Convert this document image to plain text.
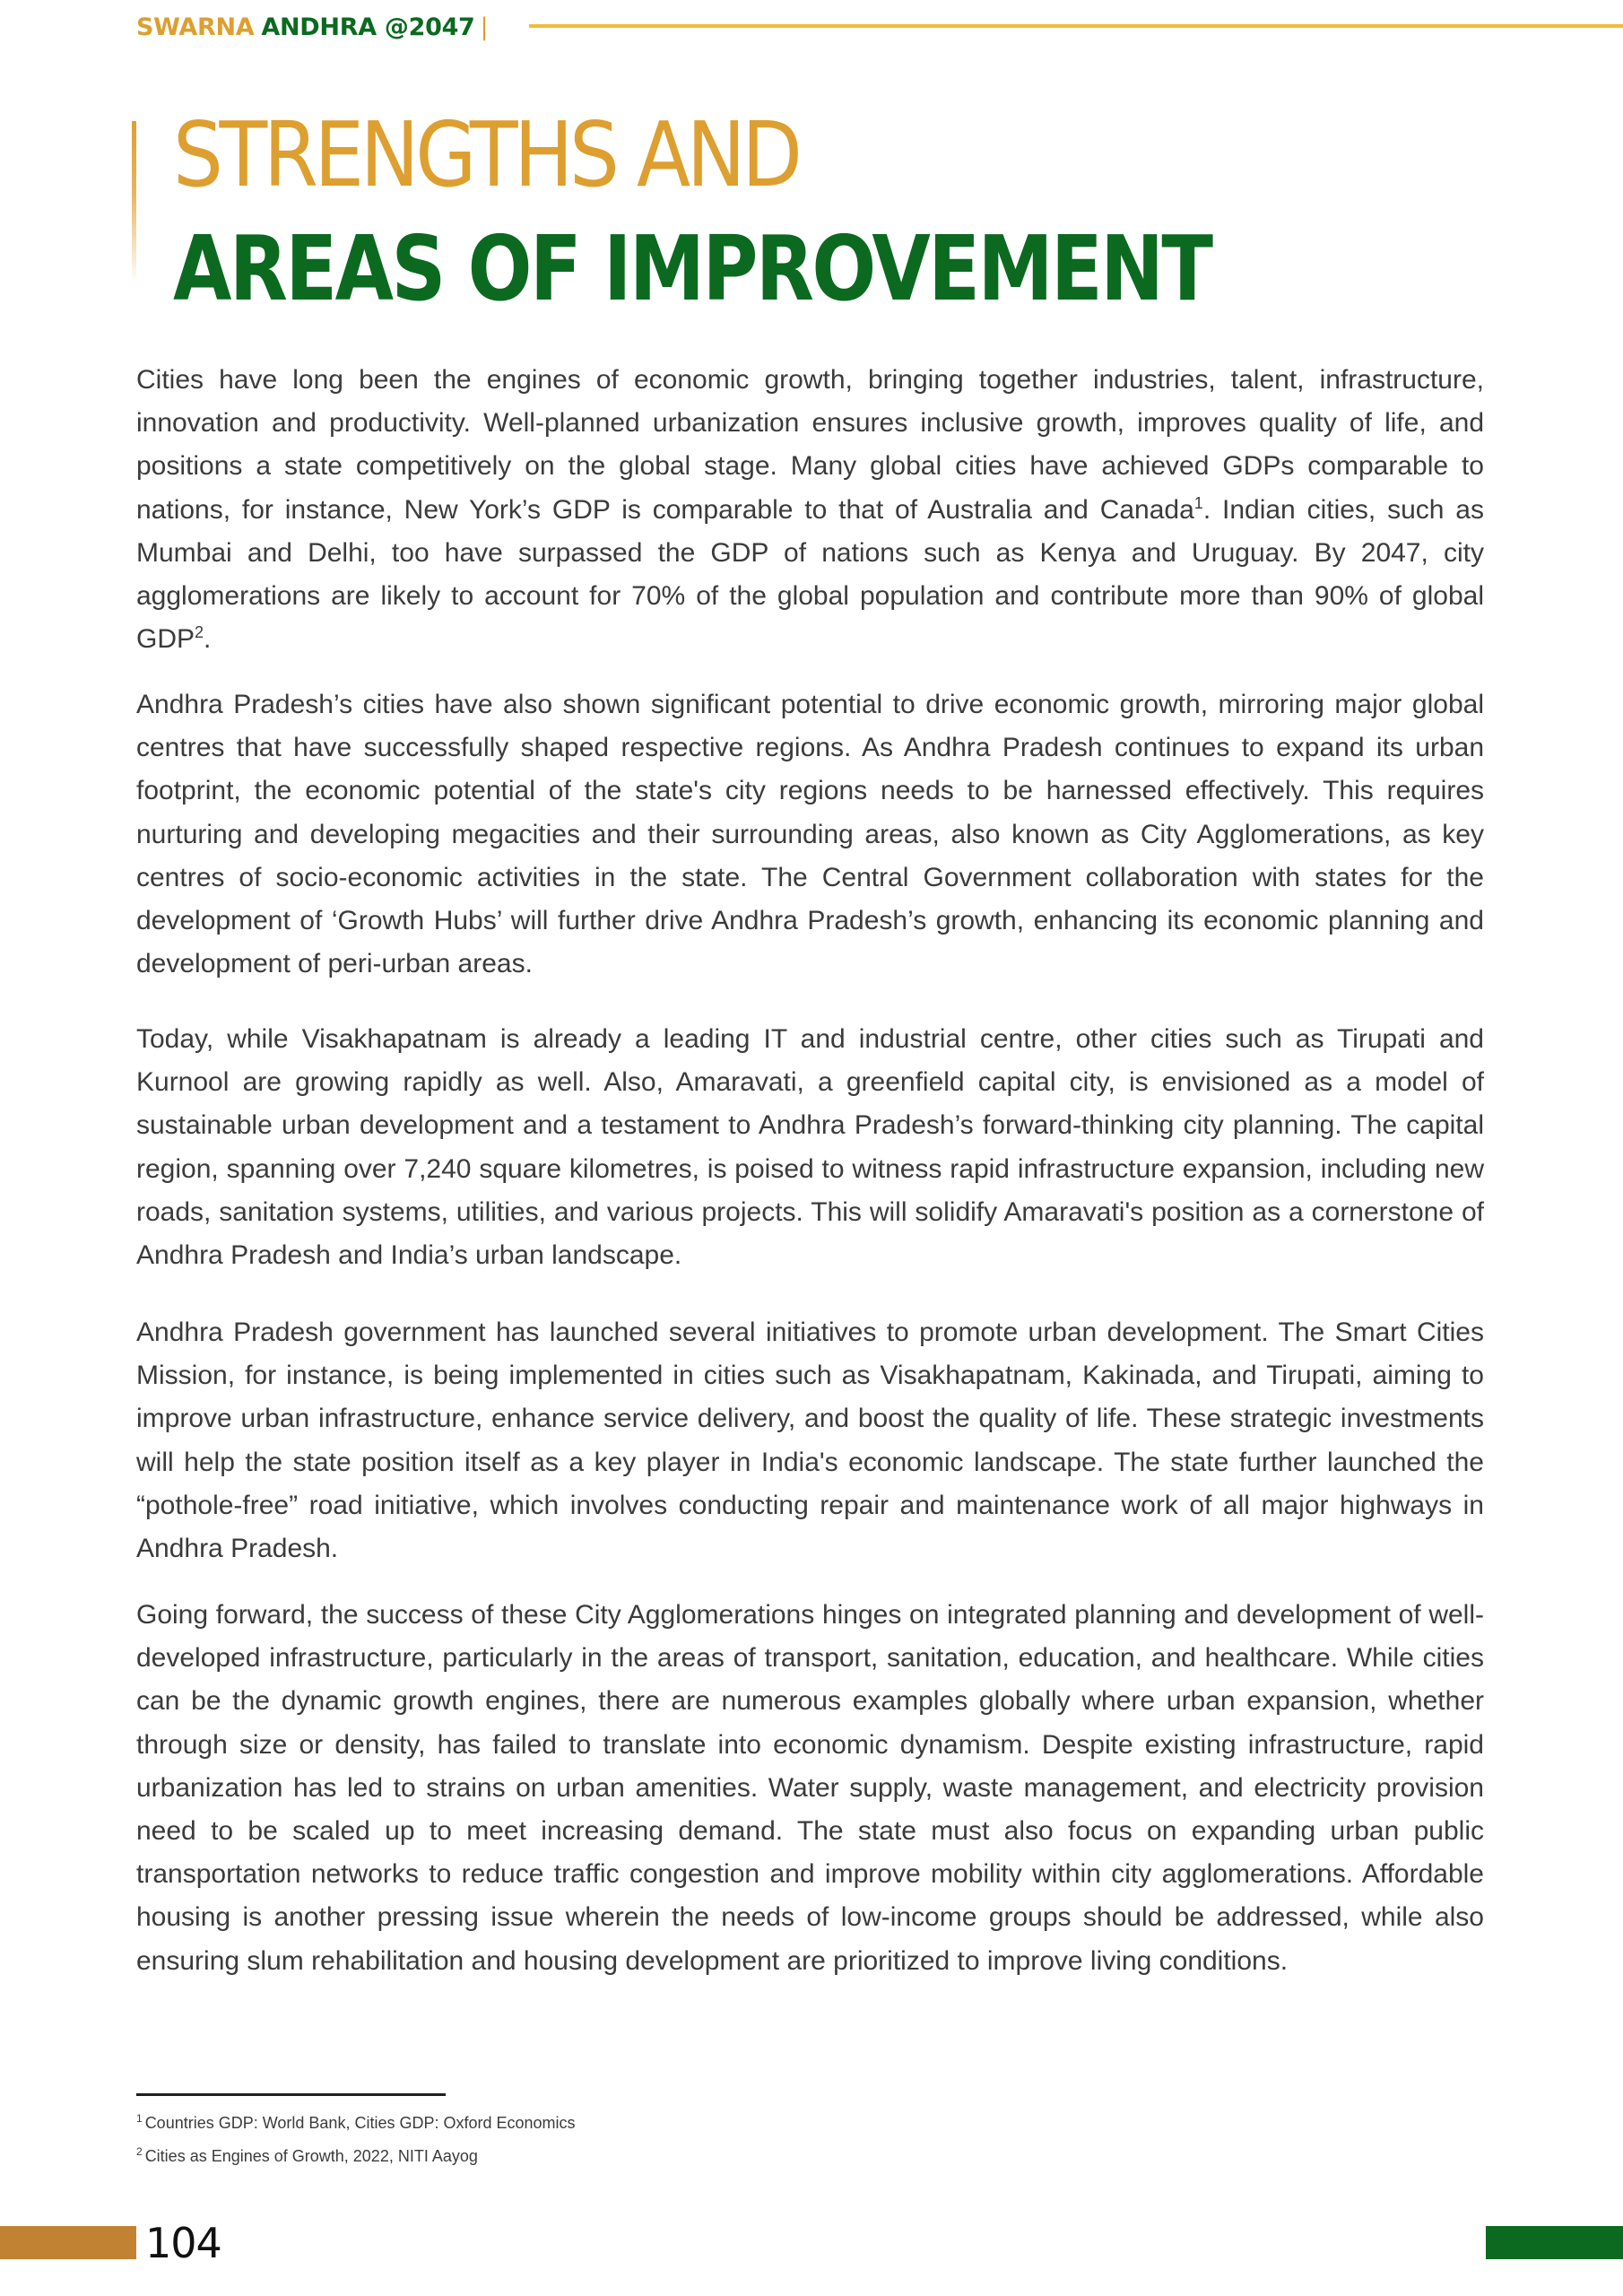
SWARNA ANDHRA @2047 |
STRENGTHS AND
AREAS OF IMPROVEMENT

Cities have long been the engines of economic growth, bringing together industries, talent, infrastructure, innovation and productivity. Well-planned urbanization ensures inclusive growth, improves quality of life, and positions a state competitively on the global stage. Many global cities have achieved GDPs comparable to nations, for instance, New York’s GDP is comparable to that of Australia and Canada$^1$. Indian cities, such as Mumbai and Delhi, too have surpassed the GDP of nations such as Kenya and Uruguay. By 2047, city agglomerations are likely to account for 70% of the global population and contribute more than 90% of global GDP$^2$.

Andhra Pradesh’s cities have also shown significant potential to drive economic growth, mirroring major global centres that have successfully shaped respective regions. As Andhra Pradesh continues to expand its urban footprint, the economic potential of the state's city regions needs to be harnessed effectively. This requires nurturing and developing megacities and their surrounding areas, also known as City Agglomerations, as key centres of socio-economic activities in the state. The Central Government collaboration with states for the development of ‘Growth Hubs’ will further drive Andhra Pradesh’s growth, enhancing its economic planning and development of peri-urban areas.

Today, while Visakhapatnam is already a leading IT and industrial centre, other cities such as Tirupati and Kurnool are growing rapidly as well. Also, Amaravati, a greenfield capital city, is envisioned as a model of sustainable urban development and a testament to Andhra Pradesh’s forward-thinking city planning. The capital region, spanning over 7,240 square kilometres, is poised to witness rapid infrastructure expansion, including new roads, sanitation systems, utilities, and various projects. This will solidify Amaravati's position as a cornerstone of Andhra Pradesh and India’s urban landscape.

Andhra Pradesh government has launched several initiatives to promote urban development. The Smart Cities Mission, for instance, is being implemented in cities such as Visakhapatnam, Kakinada, and Tirupati, aiming to improve urban infrastructure, enhance service delivery, and boost the quality of life. These strategic investments will help the state position itself as a key player in India's economic landscape. The state further launched the “pothole-free” road initiative, which involves conducting repair and maintenance work of all major highways in Andhra Pradesh.

Going forward, the success of these City Agglomerations hinges on integrated planning and development of well-developed infrastructure, particularly in the areas of transport, sanitation, education, and healthcare. While cities can be the dynamic growth engines, there are numerous examples globally where urban expansion, whether through size or density, has failed to translate into economic dynamism. Despite existing infrastructure, rapid urbanization has led to strains on urban amenities. Water supply, waste management, and electricity provision need to be scaled up to meet increasing demand. The state must also focus on expanding urban public transportation networks to reduce traffic congestion and improve mobility within city agglomerations. Affordable housing is another pressing issue wherein the needs of low-income groups should be addressed, while also ensuring slum rehabilitation and housing development are prioritized to improve living conditions.

$^1$ Countries GDP: World Bank, Cities GDP: Oxford Economics
$^2$ Cities as Engines of Growth, 2022, NITI Aayog
104
